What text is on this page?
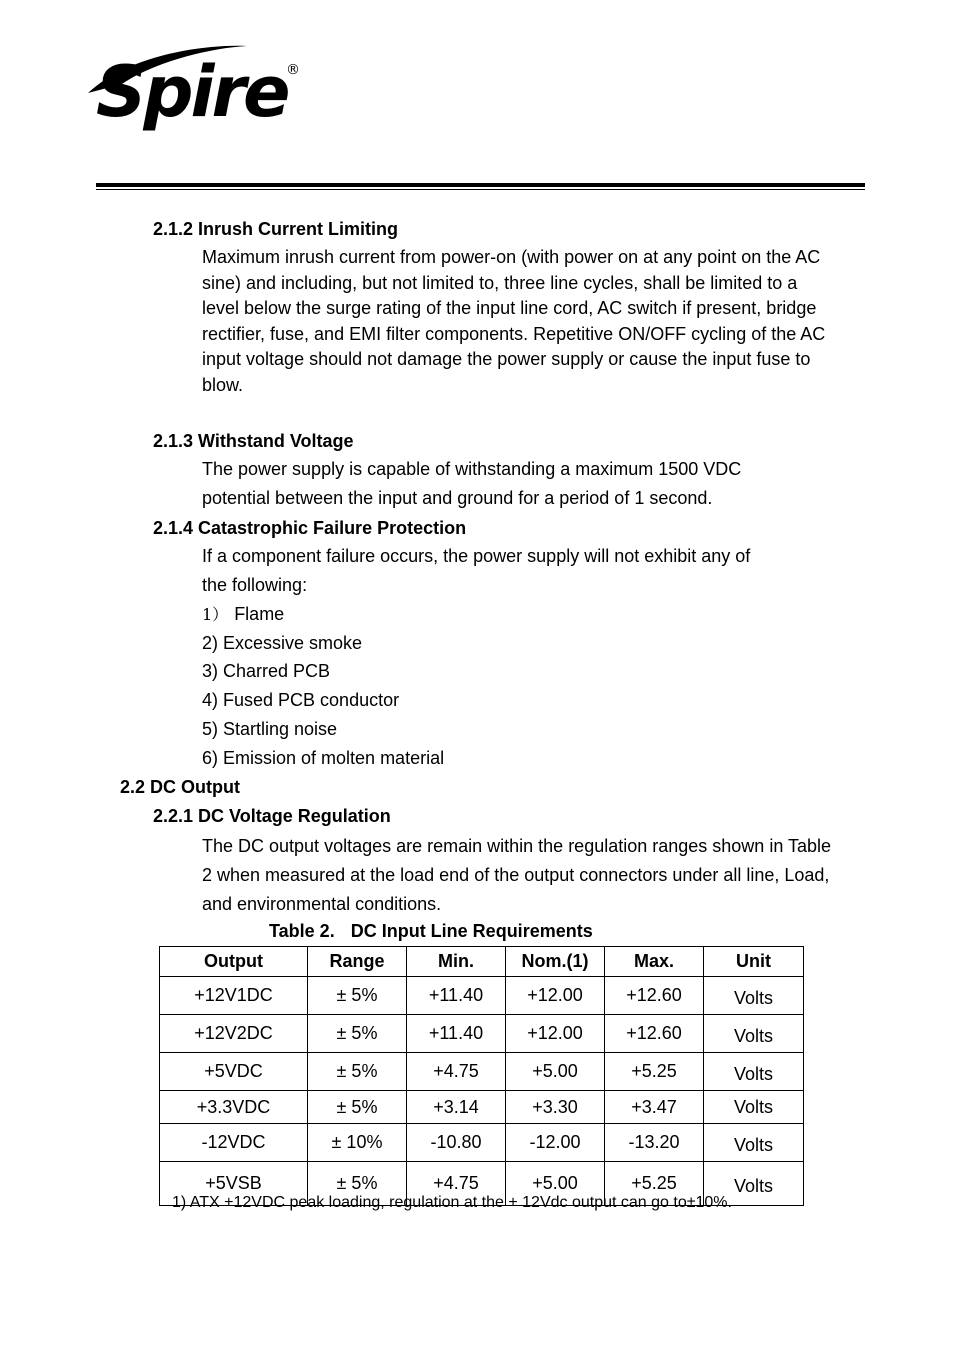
Spire
®
2.1.2 Inrush Current Limiting
Maximum inrush current from power-on (with power on at any point on the AC
sine) and including, but not limited to, three line cycles, shall be limited to a
level below the surge rating of the input line cord, AC switch if present, bridge
rectifier, fuse, and EMI filter components. Repetitive ON/OFF cycling of the AC
input voltage should not damage the power supply or cause the input fuse to
blow.
2.1.3 Withstand Voltage
The power supply is capable of withstanding a maximum 1500 VDC
potential between the input and ground for a period of 1 second.
2.1.4 Catastrophic Failure Protection
If a component failure occurs, the power supply will not exhibit any of
the following:
1） Flame
2) Excessive smoke
3) Charred PCB
4) Fused PCB conductor
5) Startling noise
6) Emission of molten material
2.2 DC Output
2.2.1 DC Voltage Regulation
The DC output voltages are remain within the regulation ranges shown in Table
2 when measured at the load end of the output connectors under all line, Load,
and environmental conditions.
Table 2. DC Input Line Requirements
Output	Range	Min.	Nom.(1)	Max.	Unit
+12V1DC	± 5%	+11.40	+12.00	+12.60	Volts
+12V2DC	± 5%	+11.40	+12.00	+12.60	Volts
+5VDC	± 5%	+4.75	+5.00	+5.25	Volts
+3.3VDC	± 5%	+3.14	+3.30	+3.47	Volts
-12VDC	± 10%	-10.80	-12.00	-13.20	Volts
+5VSB	± 5%	+4.75	+5.00	+5.25	Volts
1) ATX +12VDC peak loading, regulation at the + 12Vdc output can go to±10%.
